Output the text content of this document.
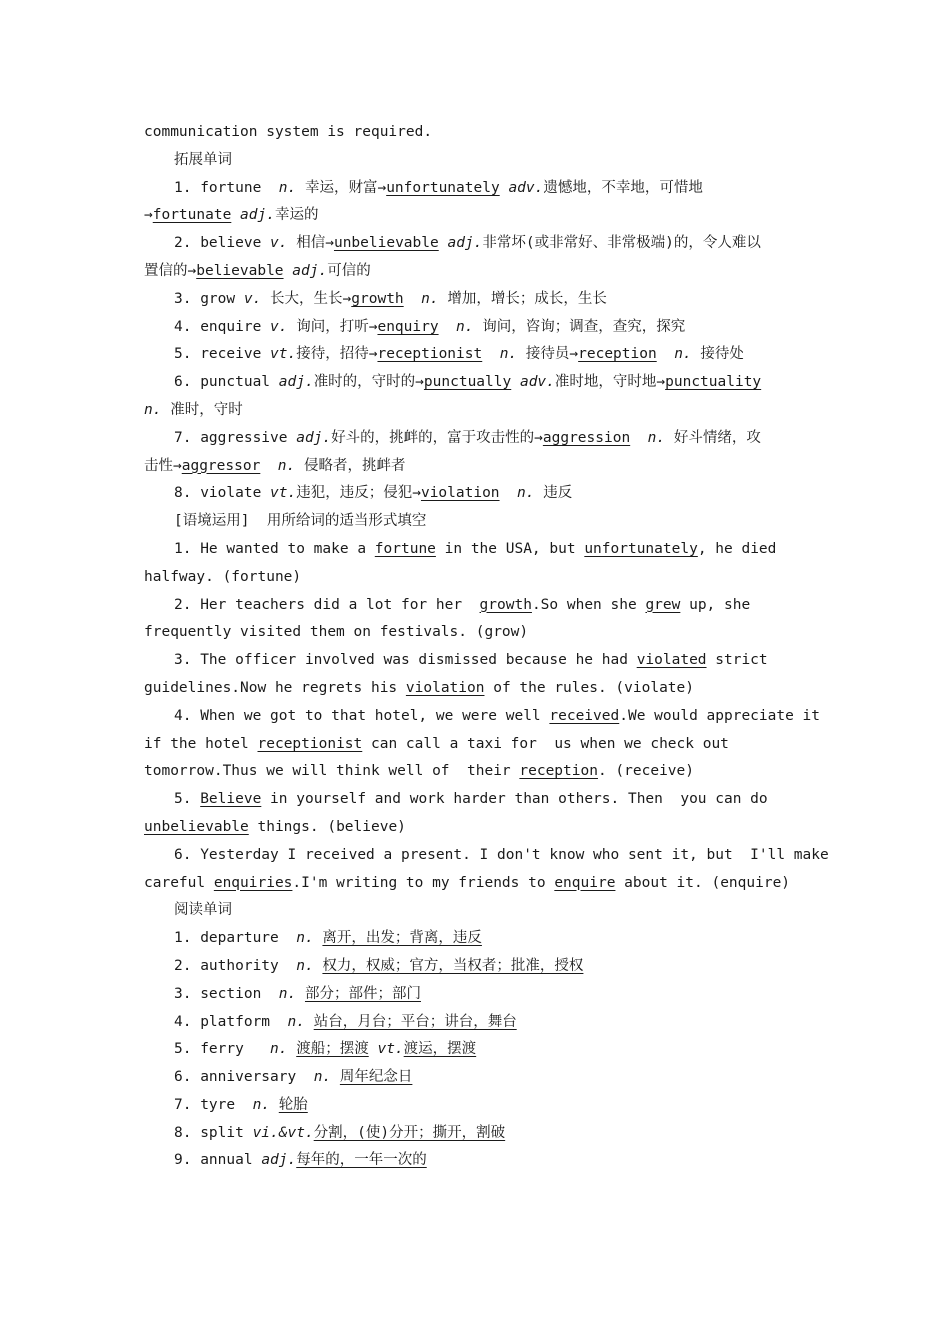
communication system is required.
拓展单词
1. fortune  n. 幸运，财富→unfortunately adv.遗憾地，不幸地，可惜地
→fortunate adj.幸运的
2. believe v. 相信→unbelievable adj.非常坏(或非常好、非常极端)的，令人难以
置信的→believable adj.可信的
3. grow v. 长大，生长→growth n. 增加，增长；成长，生长
4. enquire v. 询问，打听→enquiry n. 询问，咨询；调查，查究，探究
5. receive vt.接待，招待→receptionist n. 接待员→reception n. 接待处
6. punctual adj.准时的，守时的→punctually adv.准时地，守时地→punctuality
n. 准时，守时
7. aggressive adj.好斗的，挑衅的，富于攻击性的→aggression n. 好斗情绪，攻
击性→aggressor n. 侵略者，挑衅者
8. violate vt.违犯，违反；侵犯→violation n. 违反
[语境运用]  用所给词的适当形式填空
1. He wanted to make a fortune in the USA, but unfortunately, he died
halfway. (fortune)
2. Her teachers did a lot for her  growth.So when she grew up, she
frequently visited them on festivals. (grow)
3. The officer involved was dismissed because he had violated strict
guidelines.Now he regrets his violation of the rules. (violate)
4. When we got to that hotel, we were well received.We would appreciate it
if the hotel receptionist can call a taxi for  us when we check out
tomorrow.Thus we will think well of  their reception. (receive)
5. Believe in yourself and work harder than others. Then  you can do
unbelievable things. (believe)
6. Yesterday I received a present. I don't know who sent it, but  I'll make
careful enquiries.I'm writing to my friends to enquire about it. (enquire)
阅读单词
1. departure  n. 离开，出发；背离，违反
2. authority  n. 权力，权威；官方，当权者；批准，授权
3. section  n. 部分；部件；部门
4. platform  n. 站台，月台；平台；讲台，舞台
5. ferry   n. 渡船；摆渡 vt.渡运，摆渡
6. anniversary  n. 周年纪念日
7. tyre  n. 轮胎
8. split vi.&vt.分割，(使)分开；撕开，割破
9. annual adj.每年的，一年一次的
